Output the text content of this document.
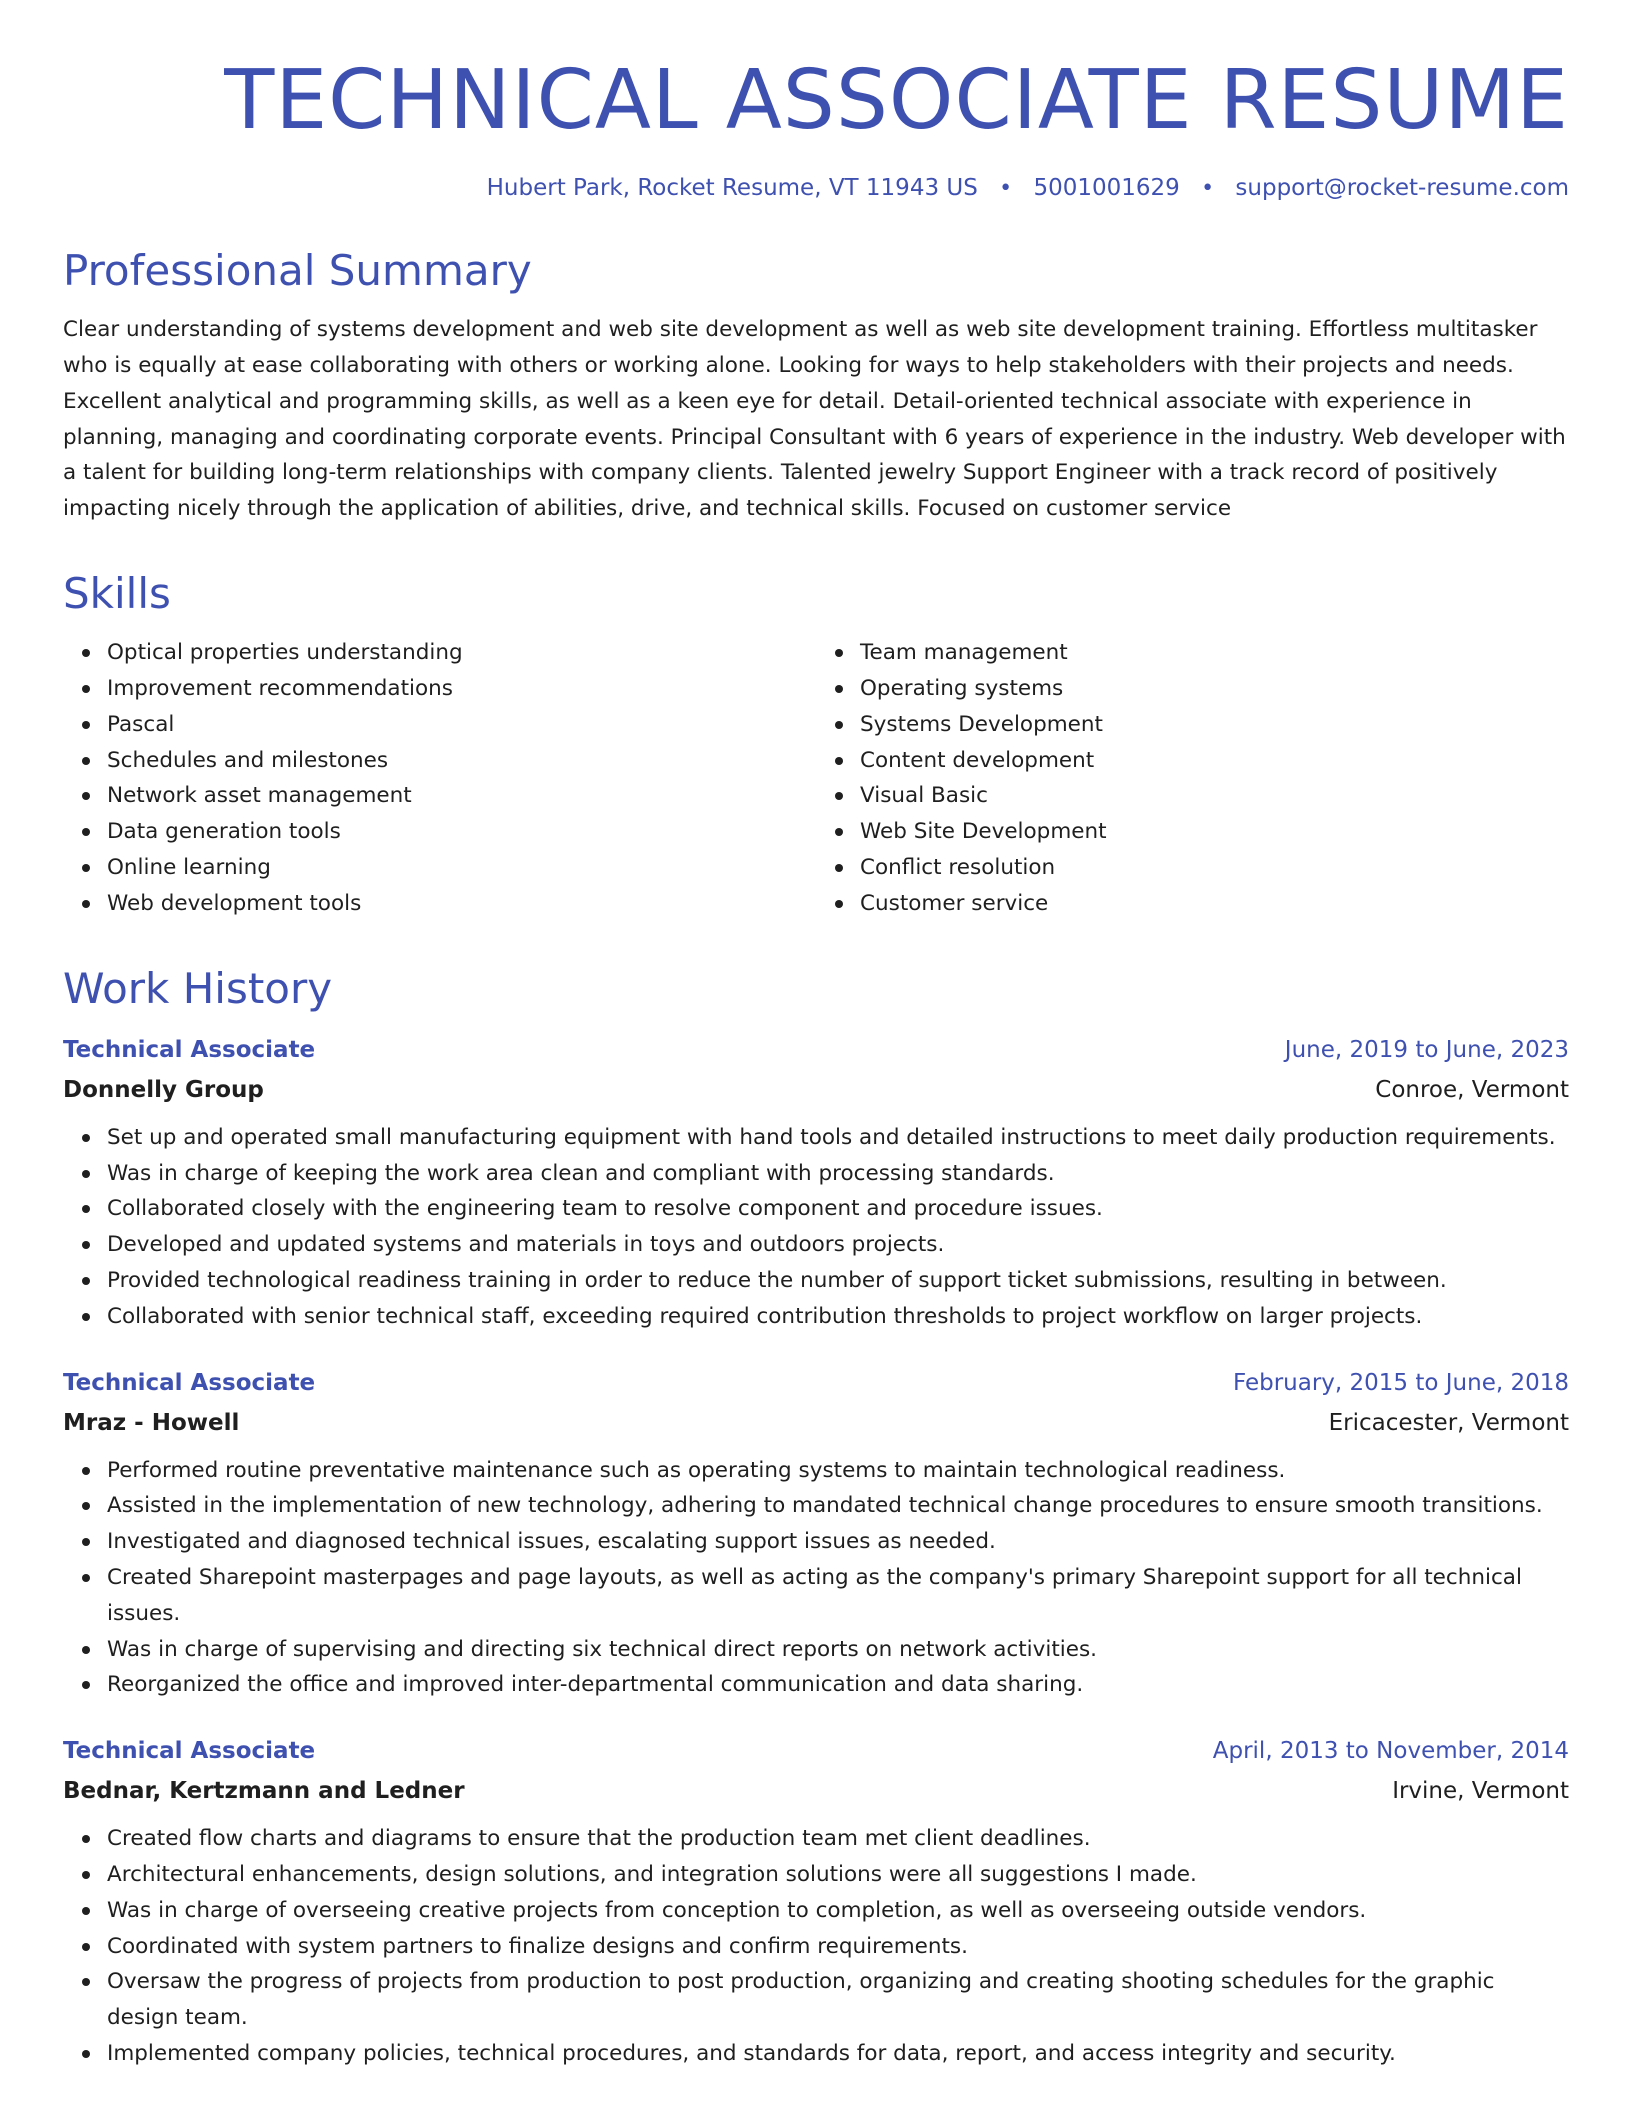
TECHNICAL ASSOCIATE RESUME
Hubert Park, Rocket Resume, VT 11943 US • 5001001629 • support@rocket-resume.com
Professional Summary

Clear understanding of systems development and web site development as well as web site development training. Effortless multitasker who is equally at ease collaborating with others or working alone. Looking for ways to help stakeholders with their projects and needs. Excellent analytical and programming skills, as well as a keen eye for detail. Detail-oriented technical associate with experience in planning, managing and coordinating corporate events. Principal Consultant with 6 years of experience in the industry. Web developer with a talent for building long-term relationships with company clients. Talented jewelry Support Engineer with a track record of positively impacting nicely through the application of abilities, drive, and technical skills. Focused on customer service

Skills
Optical properties understanding
Improvement recommendations
Pascal
Schedules and milestones
Network asset management
Data generation tools
Online learning
Web development tools
Team management
Operating systems
Systems Development
Content development
Visual Basic
Web Site Development
Conflict resolution
Customer service
Work History
Technical Associate	June, 2019 to June, 2023
Donnelly Group	Conroe, Vermont
Set up and operated small manufacturing equipment with hand tools and detailed instructions to meet daily production requirements.
Was in charge of keeping the work area clean and compliant with processing standards.
Collaborated closely with the engineering team to resolve component and procedure issues.
Developed and updated systems and materials in toys and outdoors projects.
Provided technological readiness training in order to reduce the number of support ticket submissions, resulting in between.
Collaborated with senior technical staff, exceeding required contribution thresholds to project workflow on larger projects.
Technical Associate	February, 2015 to June, 2018
Mraz - Howell	Ericacester, Vermont
Performed routine preventative maintenance such as operating systems to maintain technological readiness.
Assisted in the implementation of new technology, adhering to mandated technical change procedures to ensure smooth transitions.
Investigated and diagnosed technical issues, escalating support issues as needed.
Created Sharepoint masterpages and page layouts, as well as acting as the company's primary Sharepoint support for all technical issues.
Was in charge of supervising and directing six technical direct reports on network activities.
Reorganized the office and improved inter-departmental communication and data sharing.
Technical Associate	April, 2013 to November, 2014
Bednar, Kertzmann and Ledner	Irvine, Vermont
Created flow charts and diagrams to ensure that the production team met client deadlines.
Architectural enhancements, design solutions, and integration solutions were all suggestions I made.
Was in charge of overseeing creative projects from conception to completion, as well as overseeing outside vendors.
Coordinated with system partners to finalize designs and confirm requirements.
Oversaw the progress of projects from production to post production, organizing and creating shooting schedules for the graphic design team.
Implemented company policies, technical procedures, and standards for data, report, and access integrity and security.
